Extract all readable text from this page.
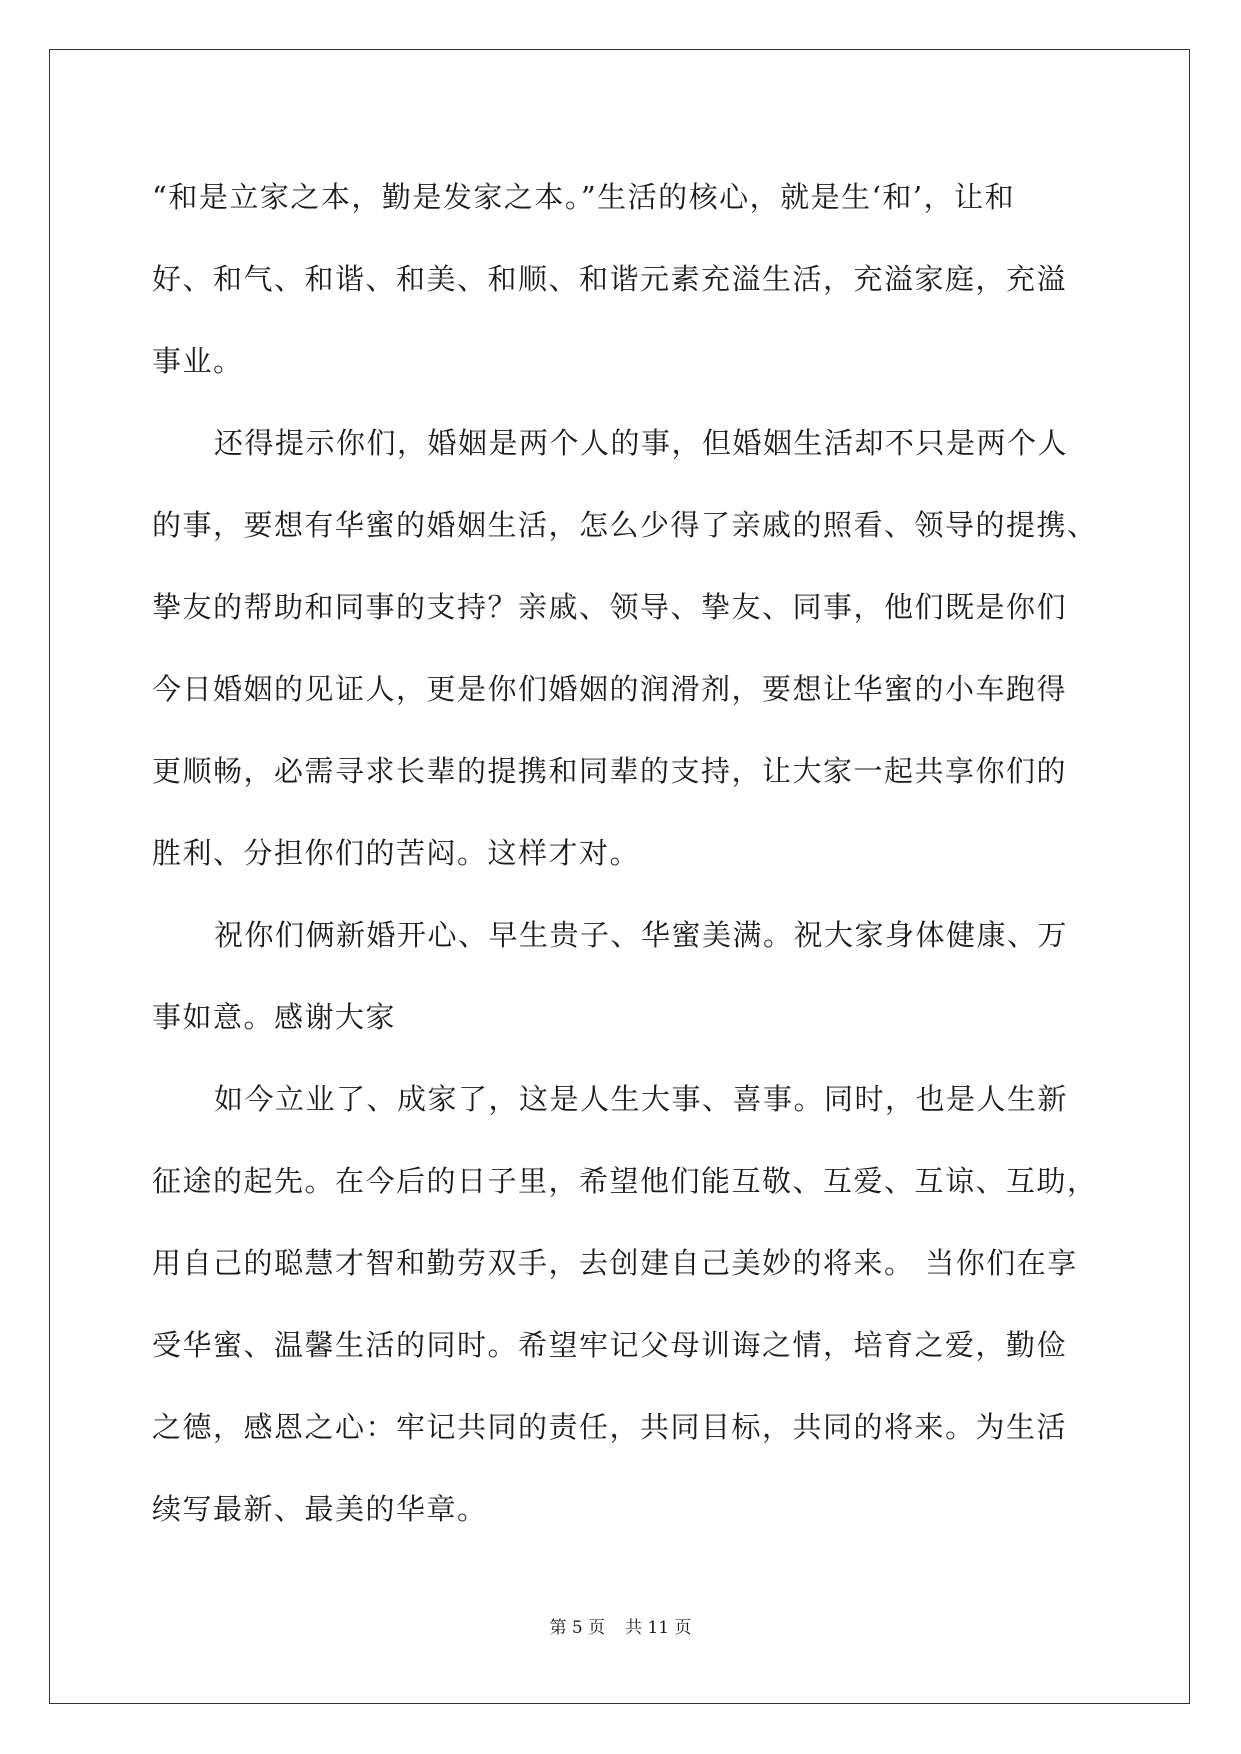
“和是立家之本，勤是发家之本。”生活的核心，就是生‘和’，让和
好、和气、和谐、和美、和顺、和谐元素充溢生活，充溢家庭，充溢
事业。

还得提示你们，婚姻是两个人的事，但婚姻生活却不只是两个人
的事，要想有华蜜的婚姻生活，怎么少得了亲戚的照看、领导的提携、
挚友的帮助和同事的支持？亲戚、领导、挚友、同事，他们既是你们
今日婚姻的见证人，更是你们婚姻的润滑剂，要想让华蜜的小车跑得
更顺畅，必需寻求长辈的提携和同辈的支持，让大家一起共享你们的
胜利、分担你们的苦闷。这样才对。

祝你们俩新婚开心、早生贵子、华蜜美满。祝大家身体健康、万
事如意。感谢大家

如今立业了、成家了，这是人生大事、喜事。同时，也是人生新
征途的起先。在今后的日子里，希望他们能互敬、互爱、互谅、互助，
用自己的聪慧才智和勤劳双手，去创建自己美妙的将来。 当你们在享
受华蜜、温馨生活的同时。希望牢记父母训诲之情，培育之爱，勤俭
之德，感恩之心：牢记共同的责任，共同目标，共同的将来。为生活
续写最新、最美的华章。

第 5 页 共 11 页
